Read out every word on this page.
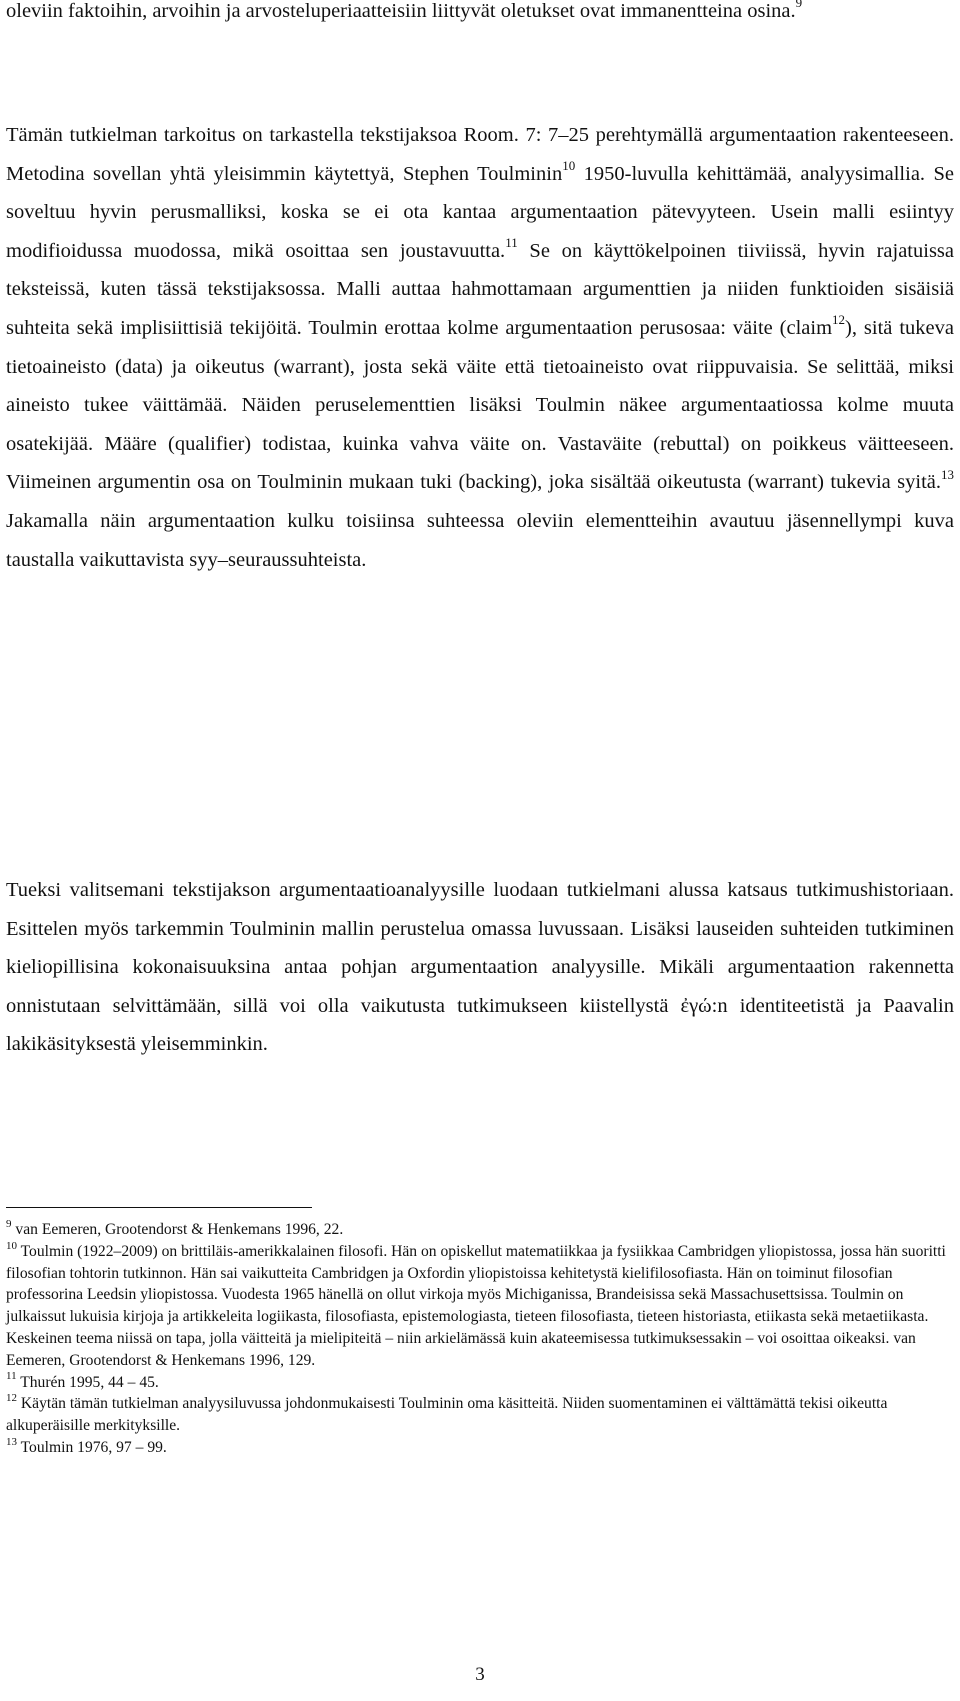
oleviin faktoihin, arvoihin ja arvosteluperiaatteisiin liittyvät oletukset ovat immanentteina osina.$^9$

Tämän tutkielman tarkoitus on tarkastella tekstijaksoa Room. 7: 7–25 perehtymällä argumentaation rakenteeseen. Metodina sovellan yhtä yleisimmin käytettyä, Stephen Toulminin$^{10}$ 1950-luvulla kehittämää, analyysimallia. Se soveltuu hyvin perusmalliksi, koska se ei ota kantaa argumentaation pätevyyteen. Usein malli esiintyy modifioidussa muodossa, mikä osoittaa sen joustavuutta.$^{11}$ Se on käyttökelpoinen tiiviissä, hyvin rajatuissa teksteissä, kuten tässä tekstijaksossa. Malli auttaa hahmottamaan argumenttien ja niiden funktioiden sisäisiä suhteita sekä implisiittisiä tekijöitä. Toulmin erottaa kolme argumentaation perusosaa: väite (claim$^{12}$), sitä tukeva tietoaineisto (data) ja oikeutus (warrant), josta sekä väite että tietoaineisto ovat riippuvaisia. Se selittää, miksi aineisto tukee väittämää. Näiden peruselementtien lisäksi Toulmin näkee argumentaatiossa kolme muuta osatekijää. Määre (qualifier) todistaa, kuinka vahva väite on. Vastaväite (rebuttal) on poikkeus väitteeseen. Viimeinen argumentin osa on Toulminin mukaan tuki (backing), joka sisältää oikeutusta (warrant) tukevia syitä.$^{13}$ Jakamalla näin argumentaation kulku toisiinsa suhteessa oleviin elementteihin avautuu jäsennellympi kuva taustalla vaikuttavista syy–seuraussuhteista.

Tueksi valitsemani tekstijakson argumentaatioanalyysille luodaan tutkielmani alussa katsaus tutkimushistoriaan. Esittelen myös tarkemmin Toulminin mallin perustelua omassa luvussaan. Lisäksi lauseiden suhteiden tutkiminen kieliopillisina kokonaisuuksina antaa pohjan argumentaation analyysille. Mikäli argumentaation rakennetta onnistutaan selvittämään, sillä voi olla vaikutusta tutkimukseen kiistellystä ἐγώ:n identiteetistä ja Paavalin lakikäsityksestä yleisemminkin.

$^9$ van Eemeren, Grootendorst & Henkemans 1996, 22.

$^{10}$ Toulmin (1922–2009) on brittiläis-amerikkalainen filosofi. Hän on opiskellut matematiikkaa ja fysiikkaa Cambridgen yliopistossa, jossa hän suoritti filosofian tohtorin tutkinnon. Hän sai vaikutteita Cambridgen ja Oxfordin yliopistoissa kehitetystä kielifilosofiasta. Hän on toiminut filosofian professorina Leedsin yliopistossa. Vuodesta 1965 hänellä on ollut virkoja myös Michiganissa, Brandeisissa sekä Massachusettsissa. Toulmin on julkaissut lukuisia kirjoja ja artikkeleita logiikasta, filosofiasta, epistemologiasta, tieteen filosofiasta, tieteen historiasta, etiikasta sekä metaetiikasta. Keskeinen teema niissä on tapa, jolla väitteitä ja mielipiteitä – niin arkielämässä kuin akateemisessa tutkimuksessakin – voi osoittaa oikeaksi. van Eemeren, Grootendorst & Henkemans 1996, 129.

$^{11}$ Thurén 1995, 44 – 45.

$^{12}$ Käytän tämän tutkielman analyysiluvussa johdonmukaisesti Toulminin oma käsitteitä. Niiden suomentaminen ei välttämättä tekisi oikeutta alkuperäisille merkityksille.

$^{13}$ Toulmin 1976, 97 – 99.

3
